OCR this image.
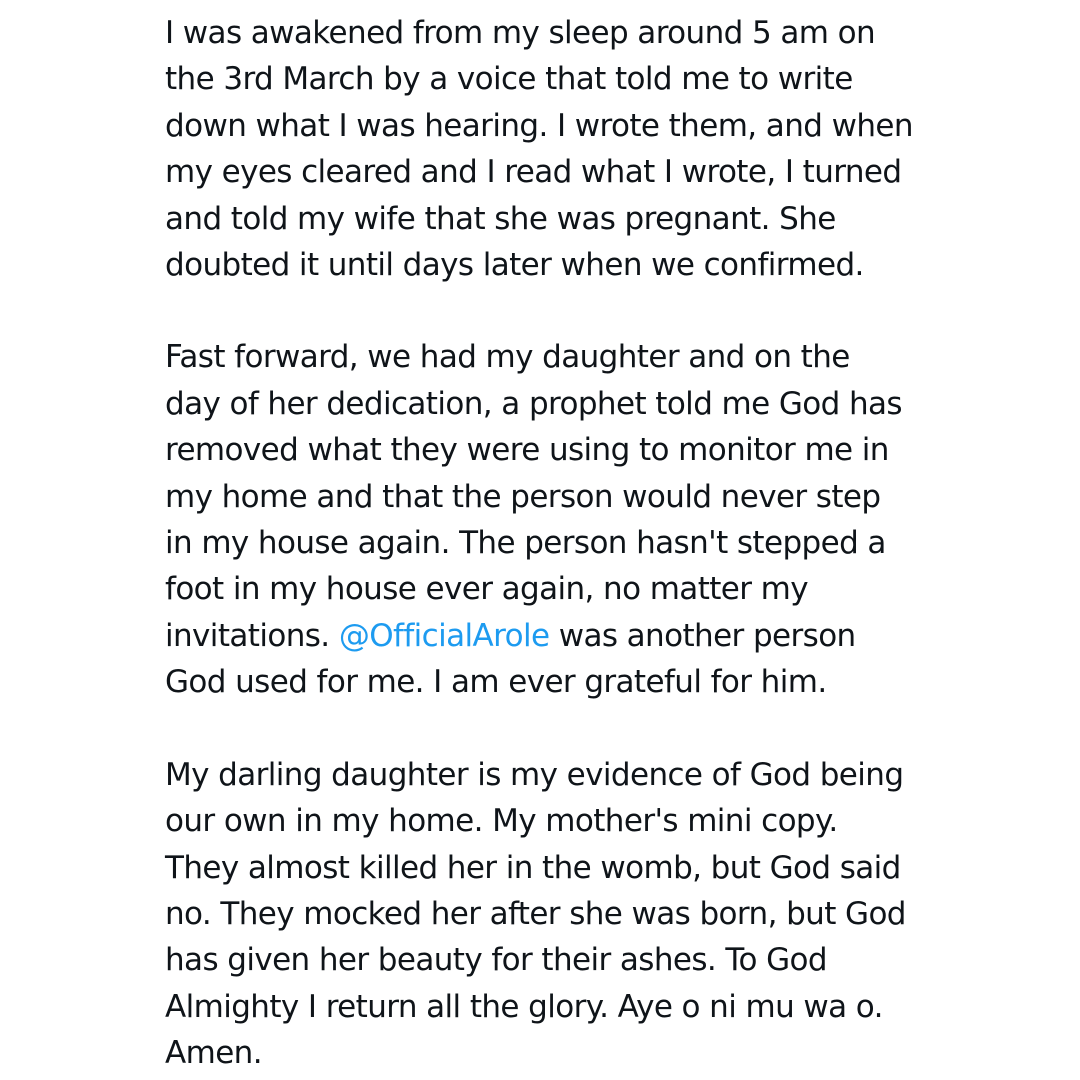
I was awakened from my sleep around 5 am on
the 3rd March by a voice that told me to write
down what I was hearing. I wrote them, and when
my eyes cleared and I read what I wrote, I turned
and told my wife that she was pregnant. She
doubted it until days later when we confirmed.

Fast forward, we had my daughter and on the
day of her dedication, a prophet told me God has
removed what they were using to monitor me in
my home and that the person would never step
in my house again. The person hasn't stepped a
foot in my house ever again, no matter my
invitations. @OfficialArole was another person
God used for me. I am ever grateful for him.

My darling daughter is my evidence of God being
our own in my home. My mother's mini copy.
They almost killed her in the womb, but God said
no. They mocked her after she was born, but God
has given her beauty for their ashes. To God
Almighty I return all the glory. Aye o ni mu wa o.
Amen.
